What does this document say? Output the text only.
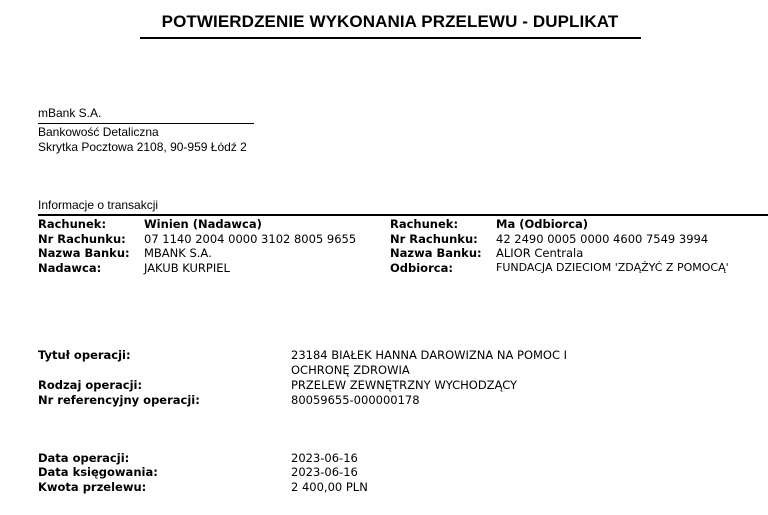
POTWIERDZENIE WYKONANIA PRZELEWU - DUPLIKAT
mBank S.A.
Bankowość Detaliczna
Skrytka Pocztowa 2108, 90-959 Łódź 2
Informacje o transakcji
Rachunek:	Winien (Nadawca)
Nr Rachunku: 07 1140 2004 0000 3102 8005 9655
Nazwa Banku: MBANK S.A.
Nadawca:	JAKUB KURPIEL
Rachunek:	Ma (Odbiorca)
Nr Rachunku: 42 2490 0005 0000 4600 7549 3994
Nazwa Banku: ALIOR Centrala
Odbiorca:	FUNDACJA DZIECIOM 'ZDĄŻYĆ Z POMOCĄ'
Tytuł operacji:	23184 BIAŁEK HANNA DAROWIZNA NA POMOC I
OCHRONĘ ZDROWIA
Rodzaj operacji:	PRZELEW ZEWNĘTRZNY WYCHODZĄCY
Nr referencyjny operacji:	80059655-000000178
Data operacji:	2023-06-16
Data księgowania:	2023-06-16
Kwota przelewu:	2 400,00 PLN
